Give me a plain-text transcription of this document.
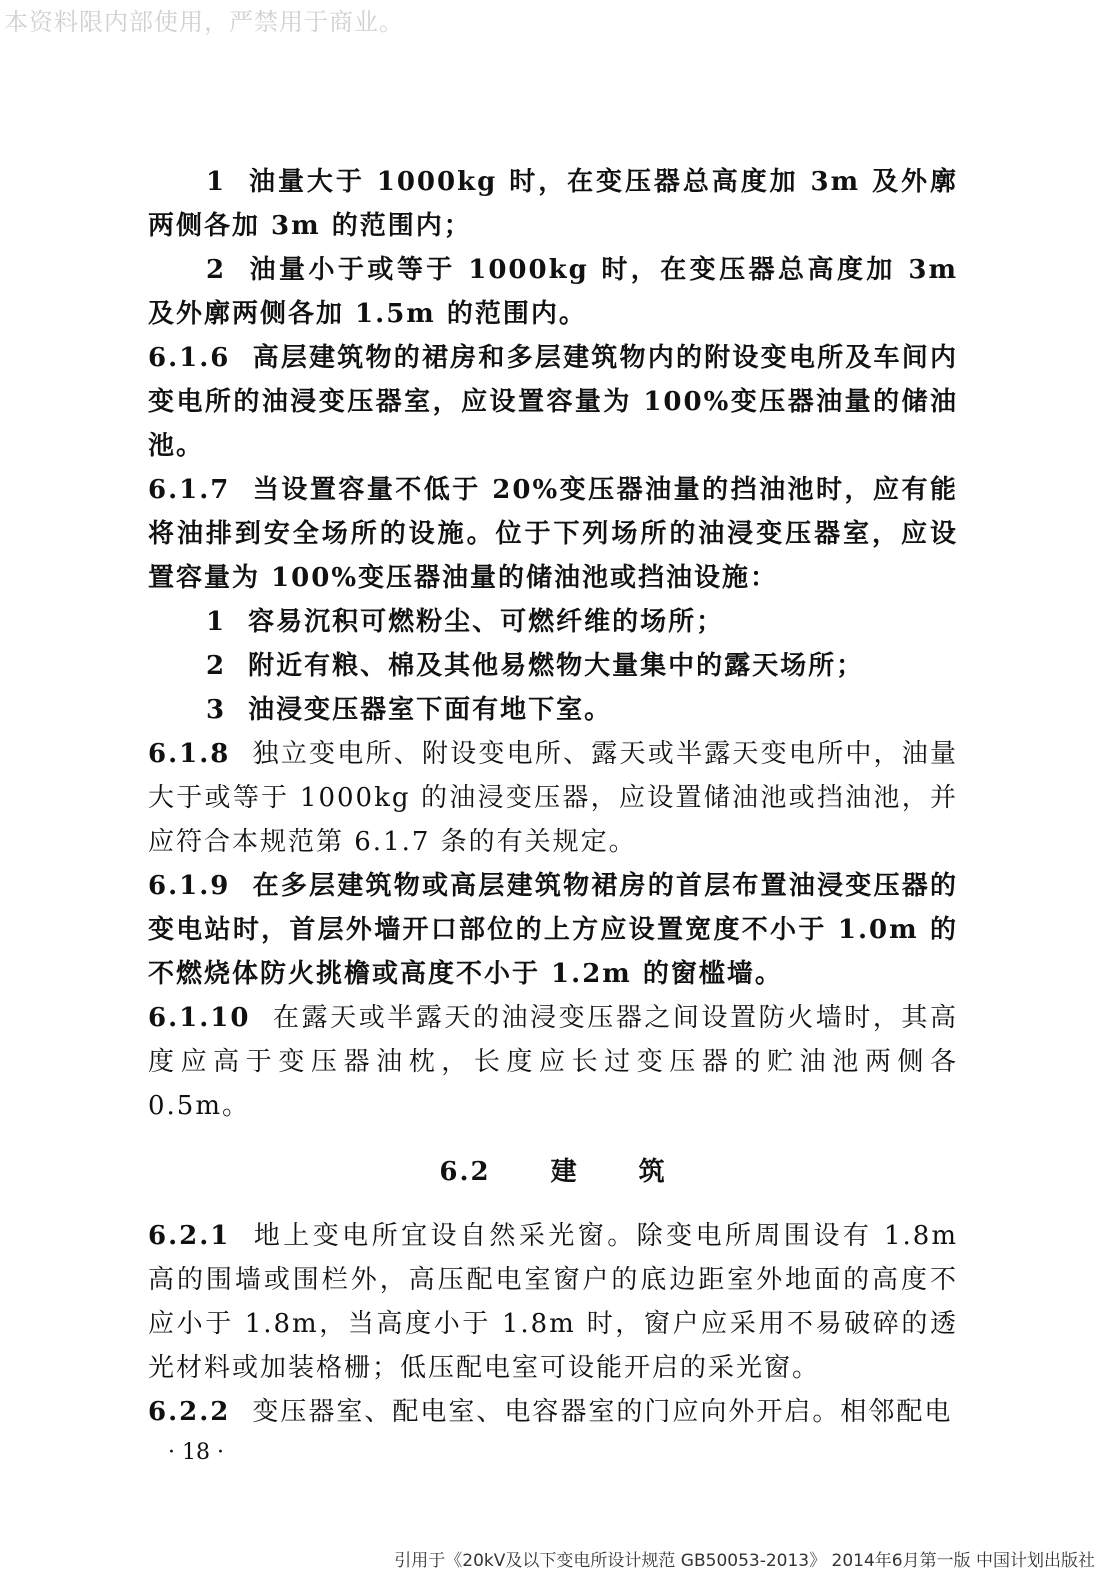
本资料限内部使用，严禁用于商业。

1 油量大于 1000kg 时，在变压器总高度加 3m 及外廓两侧各加 3m 的范围内；

2 油量小于或等于 1000kg 时，在变压器总高度加 3m 及外廓两侧各加 1.5m 的范围内。

6.1.6 高层建筑物的裙房和多层建筑物内的附设变电所及车间内变电所的油浸变压器室，应设置容量为 100%变压器油量的储油池。

6.1.7 当设置容量不低于 20%变压器油量的挡油池时，应有能将油排到安全场所的设施。位于下列场所的油浸变压器室，应设置容量为 100%变压器油量的储油池或挡油设施：

1 容易沉积可燃粉尘、可燃纤维的场所；

2 附近有粮、棉及其他易燃物大量集中的露天场所；

3 油浸变压器室下面有地下室。

6.1.8 独立变电所、附设变电所、露天或半露天变电所中，油量大于或等于 1000kg 的油浸变压器，应设置储油池或挡油池，并应符合本规范第 6.1.7 条的有关规定。

6.1.9 在多层建筑物或高层建筑物裙房的首层布置油浸变压器的变电站时，首层外墙开口部位的上方应设置宽度不小于 1.0m 的不燃烧体防火挑檐或高度不小于 1.2m 的窗槛墙。

6.1.10 在露天或半露天的油浸变压器之间设置防火墙时，其高度应高于变压器油枕，长度应长过变压器的贮油池两侧各 0.5m。

6.2 建 筑

6.2.1 地上变电所宜设自然采光窗。除变电所周围设有 1.8m 高的围墙或围栏外，高压配电室窗户的底边距室外地面的高度不应小于 1.8m，当高度小于 1.8m 时，窗户应采用不易破碎的透光材料或加装格栅；低压配电室可设能开启的采光窗。

6.2.2 变压器室、配电室、电容器室的门应向外开启。相邻配电

· 18 ·
引用于《20kV及以下变电所设计规范 GB50053-2013》 2014年6月第一版 中国计划出版社
